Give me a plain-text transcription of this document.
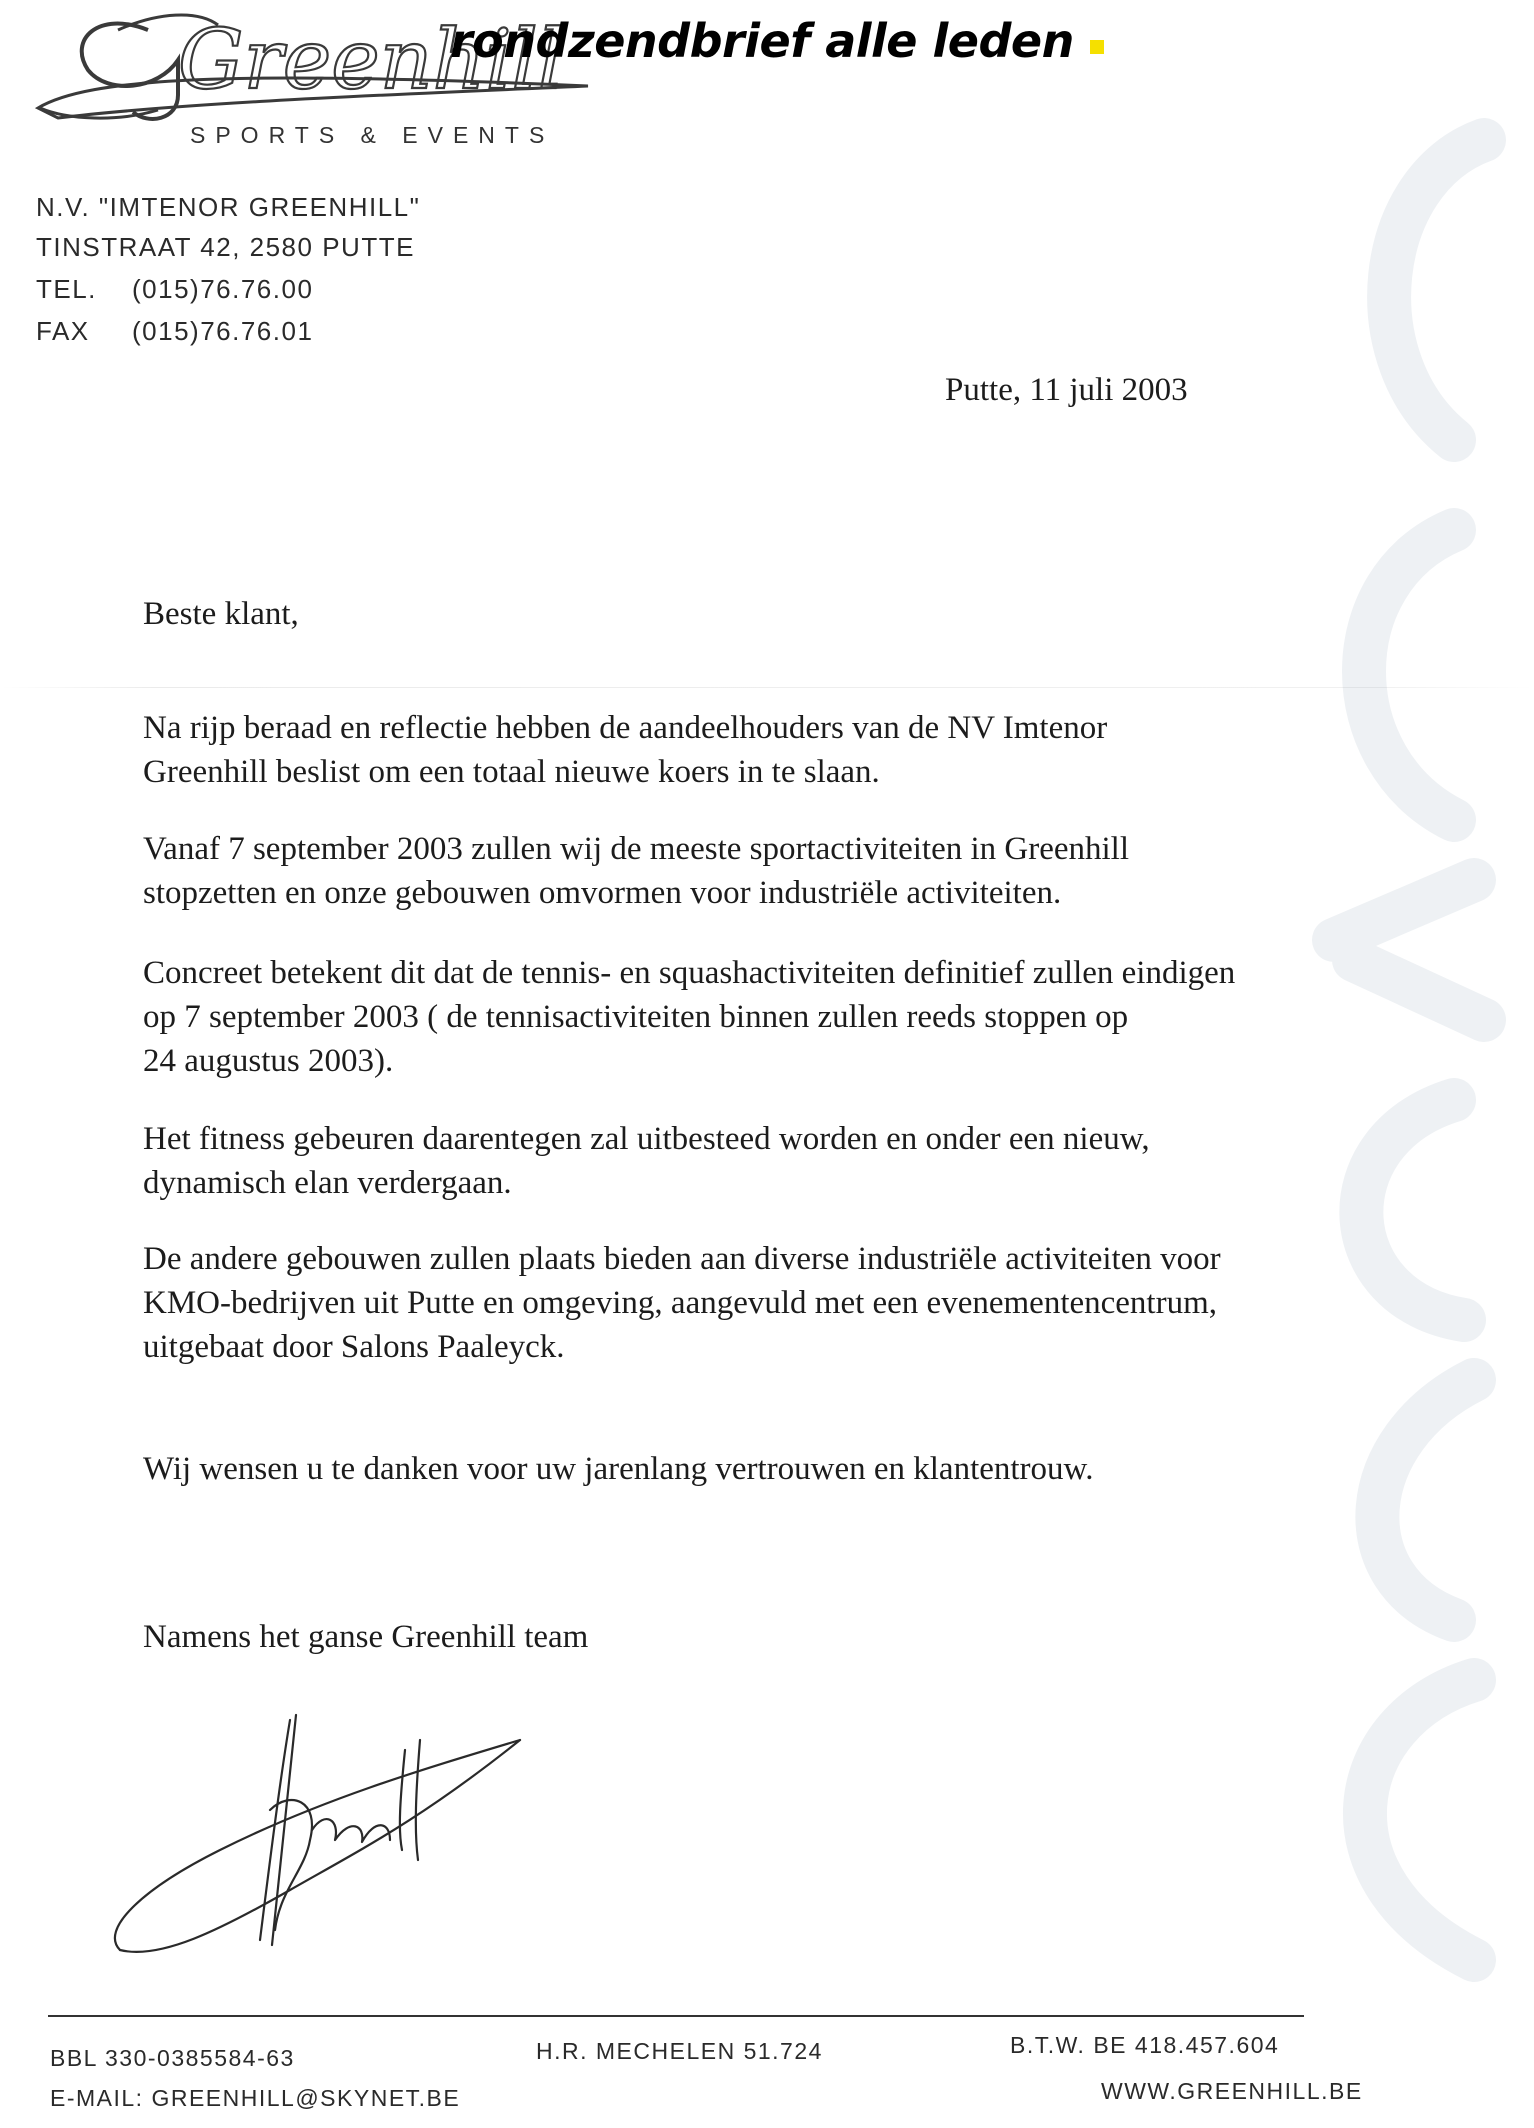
Greenhill
SPORTS & EVENTS
rondzendbrief alle leden
N.V. "IMTENOR GREENHILL"
TINSTRAAT 42, 2580 PUTTE
TEL. (015)76.76.00
FAX (015)76.76.01
Putte, 11 juli 2003
Beste klant,

Na rijp beraad en reflectie hebben de aandeelhouders van de NV Imtenor

Greenhill beslist om een totaal nieuwe koers in te slaan.

Vanaf 7 september 2003 zullen wij de meeste sportactiviteiten in Greenhill

stopzetten en onze gebouwen omvormen voor industriële activiteiten.

Concreet betekent dit dat de tennis- en squashactiviteiten definitief zullen eindigen

op 7 september 2003 ( de tennisactiviteiten binnen zullen reeds stoppen op

24 augustus 2003).

Het fitness gebeuren daarentegen zal uitbesteed worden en onder een nieuw,

dynamisch elan verdergaan.

De andere gebouwen zullen plaats bieden aan diverse industriële activiteiten voor

KMO-bedrijven uit Putte en omgeving, aangevuld met een evenementencentrum,

uitgebaat door Salons Paaleyck.

Wij wensen u te danken voor uw jarenlang vertrouwen en klantentrouw.

Namens het ganse Greenhill team
BBL 330-0385584-63
E-MAIL: GREENHILL@SKYNET.BE
H.R. MECHELEN 51.724	B.T.W. BE 418.457.604
WWW.GREENHILL.BE
